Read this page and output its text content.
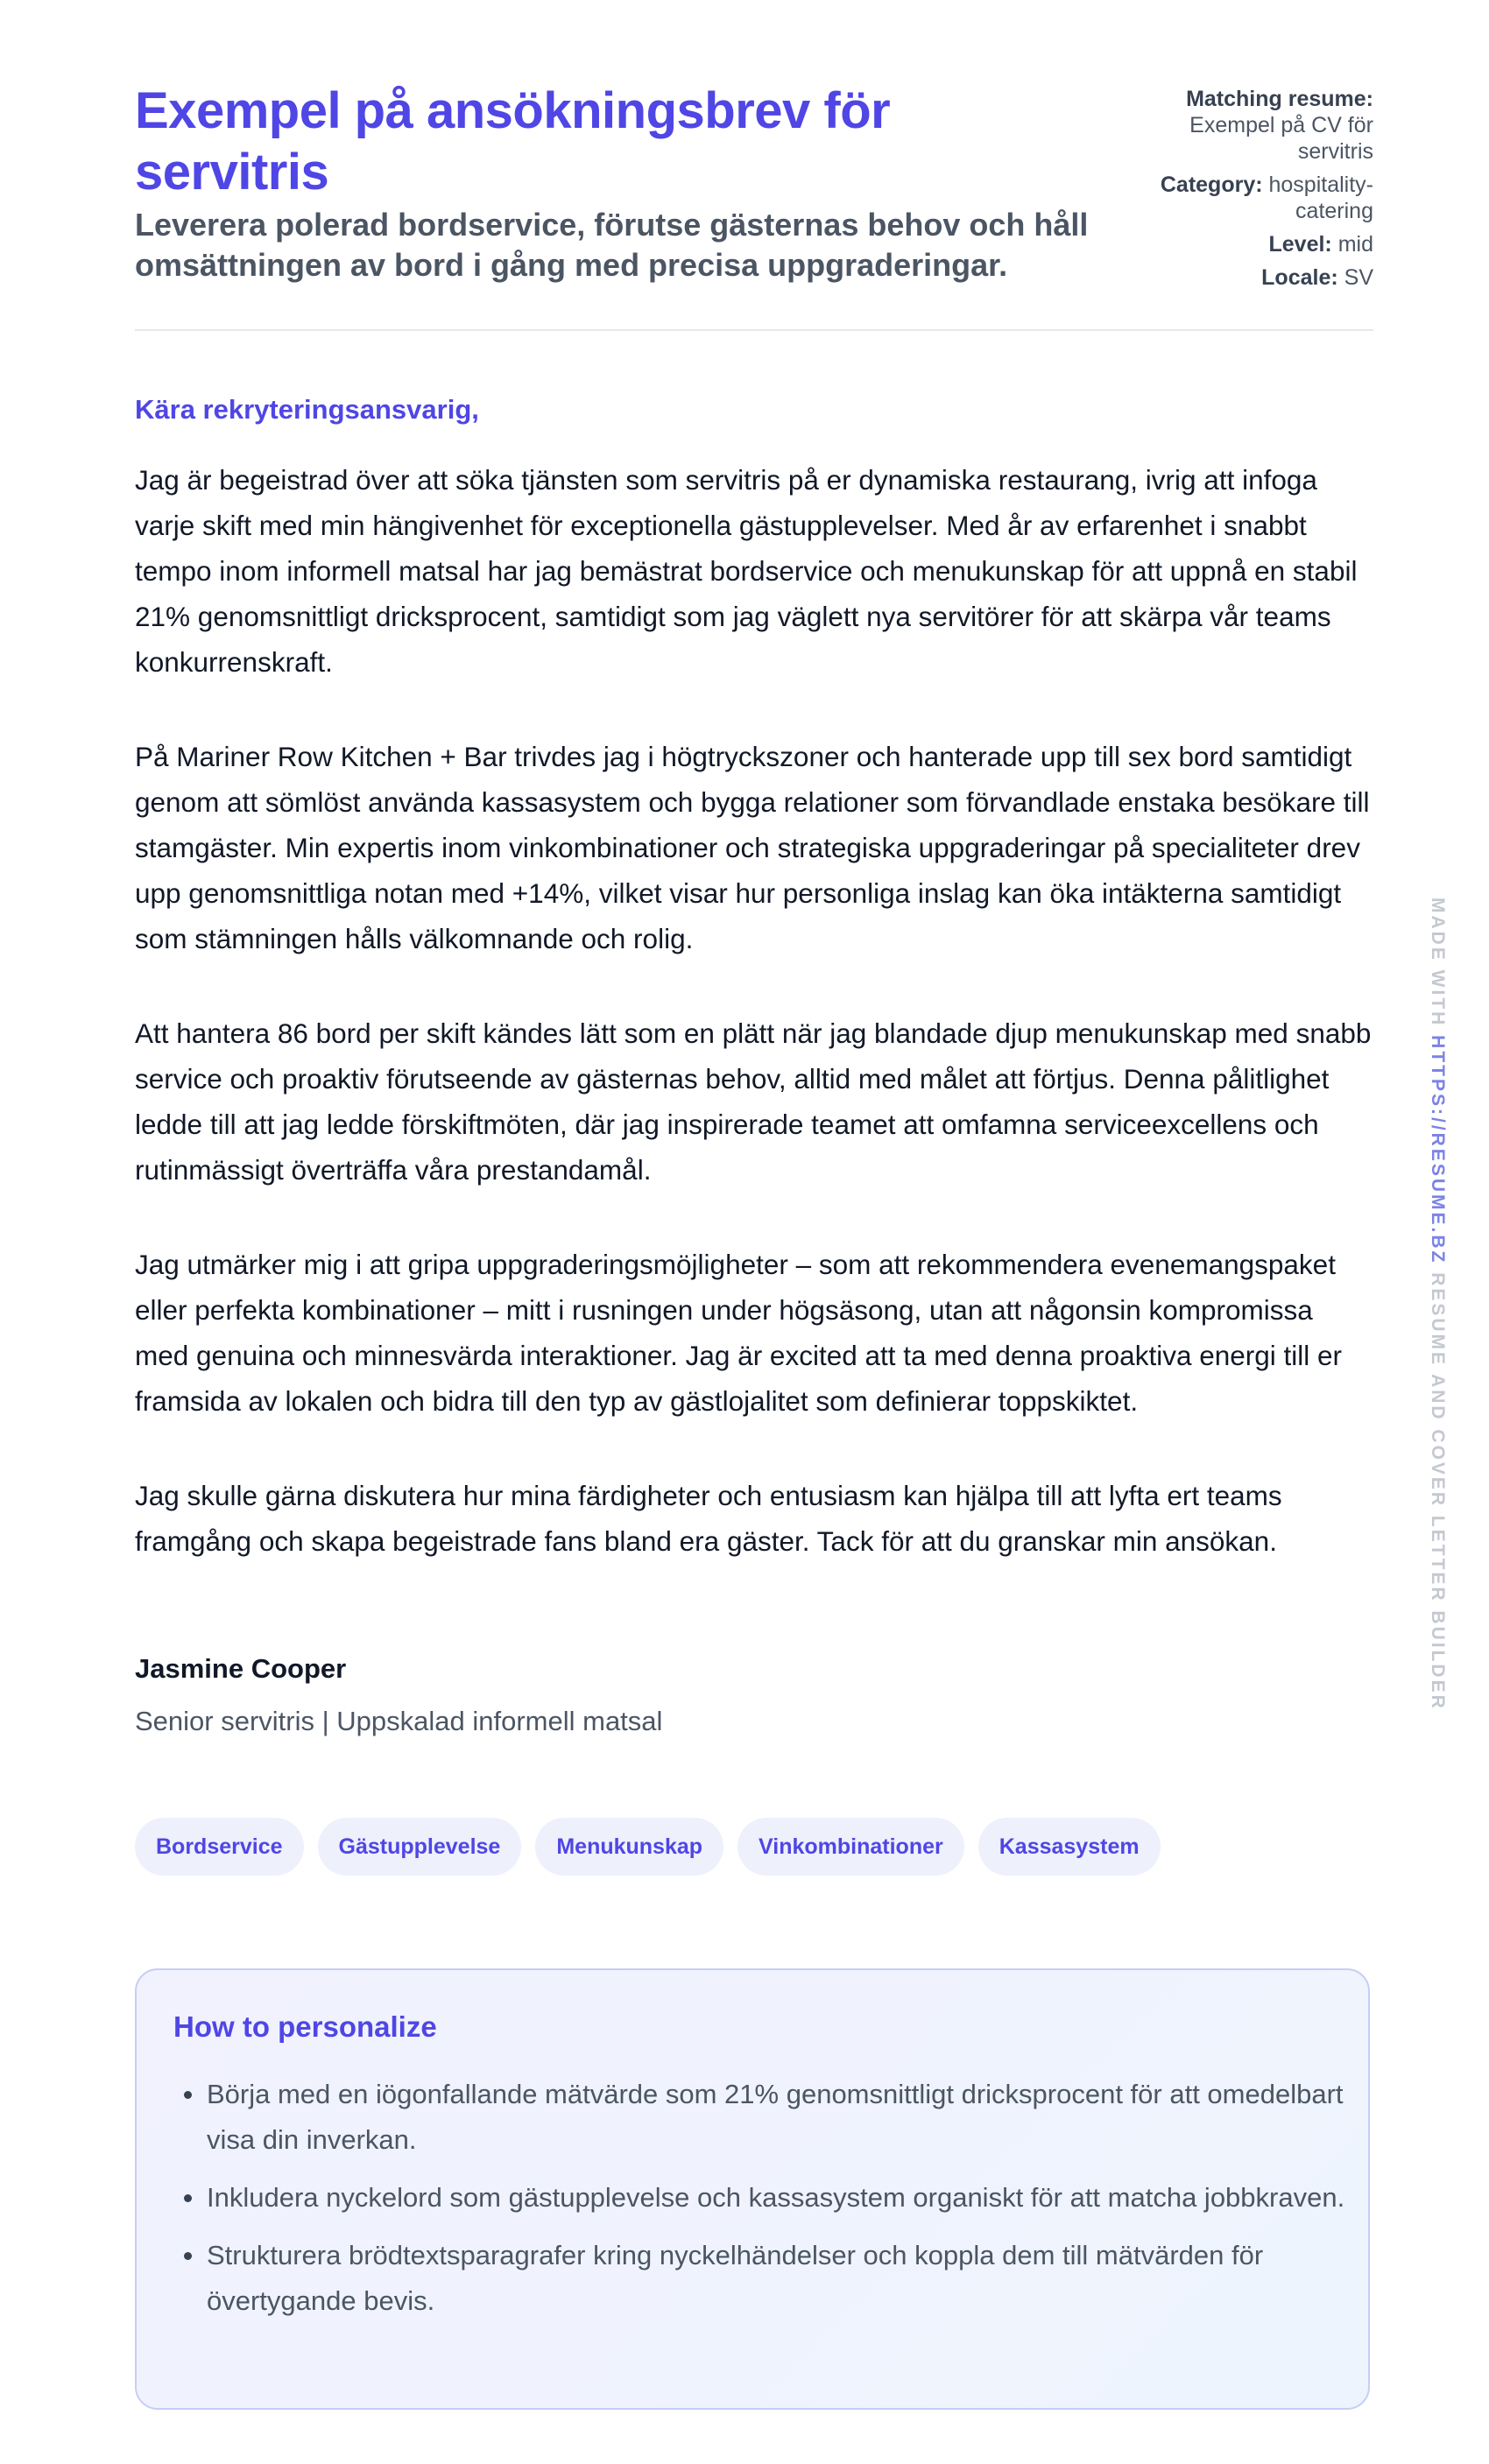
Exempel på ansökningsbrev för servitris
Leverera polerad bordservice, förutse gästernas behov och håll omsättningen av bord i gång med precisa uppgraderingar.
Matching resume:
Exempel på CV för servitris
Category: hospitality-catering
Level: mid
Locale: SV

Kära rekryteringsansvarig,

Jag är begeistrad över att söka tjänsten som servitris på er dynamiska restaurang, ivrig att infoga varje skift med min hängivenhet för exceptionella gästupplevelser. Med år av erfarenhet i snabbt tempo inom informell matsal har jag bemästrat bordservice och menukunskap för att uppnå en stabil 21% genomsnittligt dricksprocent, samtidigt som jag väglett nya servitörer för att skärpa vår teams konkurrenskraft.

På Mariner Row Kitchen + Bar trivdes jag i högtryckszoner och hanterade upp till sex bord samtidigt genom att sömlöst använda kassasystem och bygga relationer som förvandlade enstaka besökare till stamgäster. Min expertis inom vinkombinationer och strategiska uppgraderingar på specialiteter drev upp genomsnittliga notan med +14%, vilket visar hur personliga inslag kan öka intäkterna samtidigt som stämningen hålls välkomnande och rolig.

Att hantera 86 bord per skift kändes lätt som en plätt när jag blandade djup menukunskap med snabb service och proaktiv förutseende av gästernas behov, alltid med målet att förtjus. Denna pålitlighet ledde till att jag ledde förskiftmöten, där jag inspirerade teamet att omfamna serviceexcellens och rutinmässigt överträffa våra prestandamål.

Jag utmärker mig i att gripa uppgraderingsmöjligheter – som att rekommendera evenemangspaket eller perfekta kombinationer – mitt i rusningen under högsäsong, utan att någonsin kompromissa med genuina och minnesvärda interaktioner. Jag är excited att ta med denna proaktiva energi till er framsida av lokalen och bidra till den typ av gästlojalitet som definierar toppskiktet.

Jag skulle gärna diskutera hur mina färdigheter och entusiasm kan hjälpa till att lyfta ert teams framgång och skapa begeistrade fans bland era gäster. Tack för att du granskar min ansökan.

Jasmine Cooper
Senior servitris | Uppskalad informell matsal
Bordservice	Gästupplevelse	Menukunskap	Vinkombinationer	Kassasystem
How to personalize
Börja med en iögonfallande mätvärde som 21% genomsnittligt dricksprocent för att omedelbart visa din inverkan.
Inkludera nyckelord som gästupplevelse och kassasystem organiskt för att matcha jobbkraven.
Strukturera brödtextsparagrafer kring nyckelhändelser och koppla dem till mätvärden för övertygande bevis.
MADE WITH HTTPS://RESUME.BZ RESUME AND COVER LETTER BUILDER
